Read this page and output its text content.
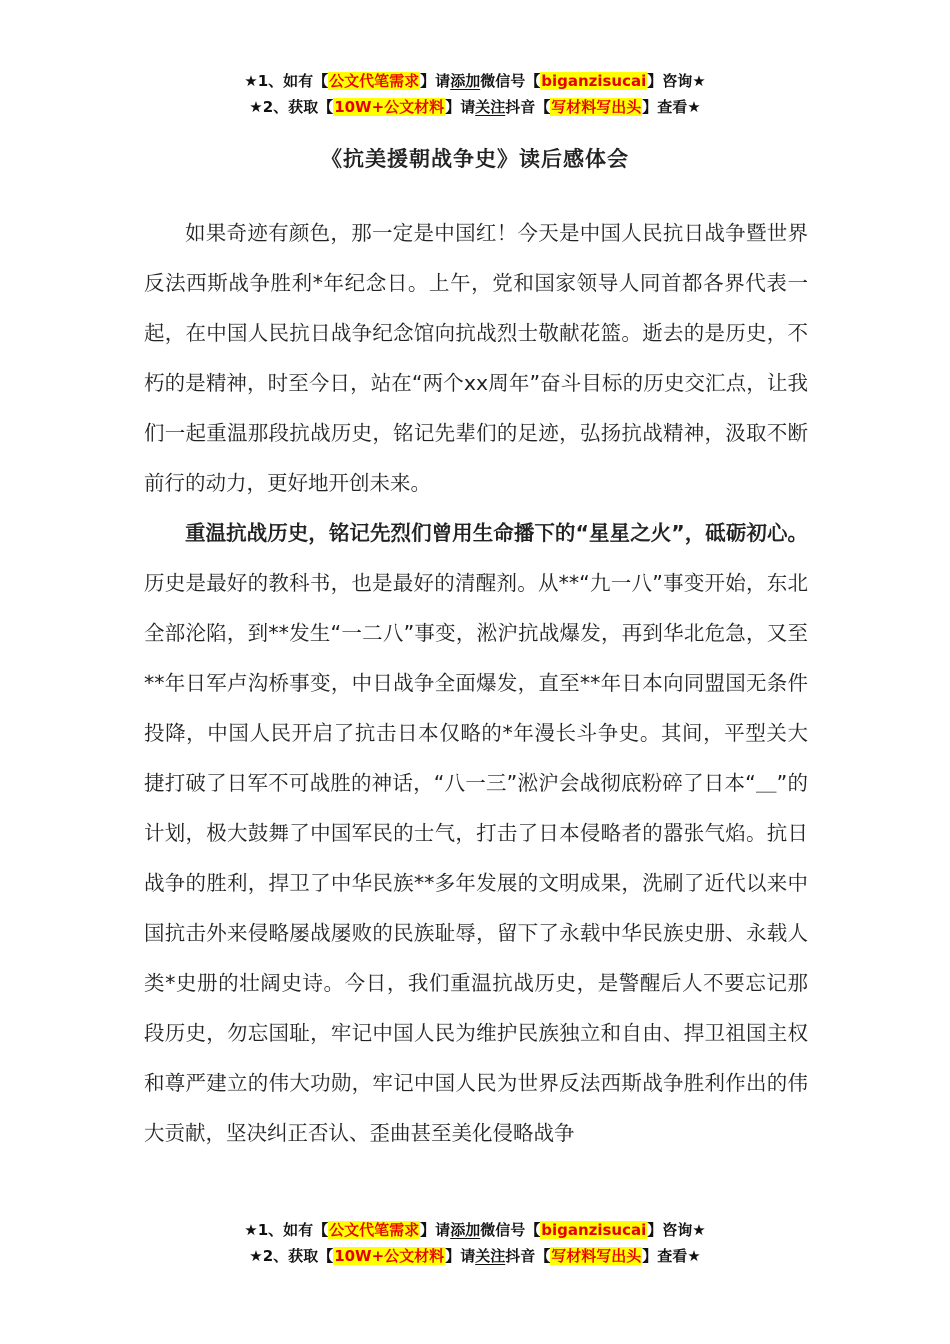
★1、如有【公文代笔需求】请添加微信号【biganzisucai】咨询★
★2、获取【10W+公文材料】请关注抖音【写材料写出头】查看★
《抗美援朝战争史》读后感体会

如果奇迹有颜色，那一定是中国红！今天是中国人民抗日战争暨世界反法西斯战争胜利*年纪念日。上午，党和国家领导人同首都各界代表一起，在中国人民抗日战争纪念馆向抗战烈士敬献花篮。逝去的是历史，不朽的是精神，时至今日，站在“两个xx周年”奋斗目标的历史交汇点，让我们一起重温那段抗战历史，铭记先辈们的足迹，弘扬抗战精神，汲取不断前行的动力，更好地开创未来。

重温抗战历史，铭记先烈们曾用生命播下的“星星之火”，砥砺初心。历史是最好的教科书，也是最好的清醒剂。从**“九一八”事变开始，东北全部沦陷，到**发生“一二八”事变，淞沪抗战爆发，再到华北危急，又至**年日军卢沟桥事变，中日战争全面爆发，直至**年日本向同盟国无条件投降，中国人民开启了抗击日本仅略的*年漫长斗争史。其间，平型关大捷打破了日军不可战胜的神话，“八一三”淞沪会战彻底粉碎了日本“＿”的计划，极大鼓舞了中国军民的士气，打击了日本侵略者的嚣张气焰。抗日战争的胜利，捍卫了中华民族**多年发展的文明成果，洗刷了近代以来中国抗击外来侵略屡战屡败的民族耻辱，留下了永载中华民族史册、永载人类*史册的壮阔史诗。今日，我们重温抗战历史，是警醒后人不要忘记那段历史，勿忘国耻，牢记中国人民为维护民族独立和自由、捍卫祖国主权和尊严建立的伟大功勋，牢记中国人民为世界反法西斯战争胜利作出的伟大贡献，坚决纠正否认、歪曲甚至美化侵略战争

★1、如有【公文代笔需求】请添加微信号【biganzisucai】咨询★
★2、获取【10W+公文材料】请关注抖音【写材料写出头】查看★
